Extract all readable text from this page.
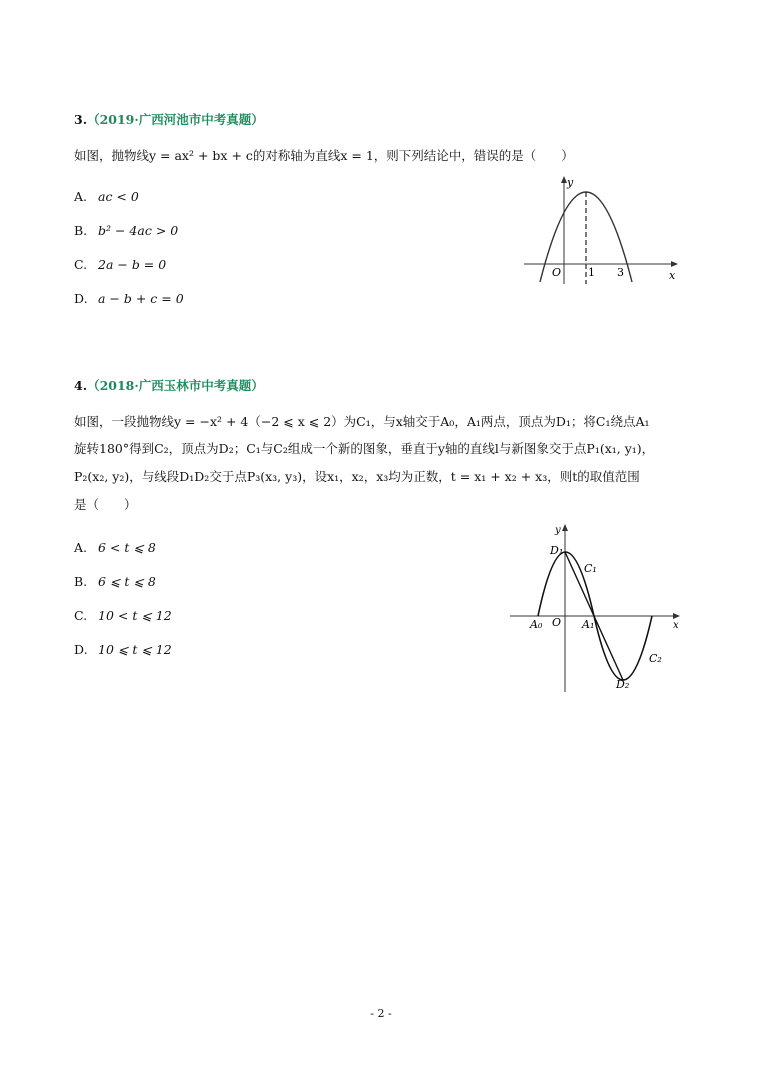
3.（2019·广西河池市中考真题）
如图，抛物线y = ax² + bx + c的对称轴为直线x = 1，则下列结论中，错误的是（　　）
A. ac < 0
B. b² − 4ac > 0
C. 2a − b = 0
D. a − b + c = 0
y
x
O 1 3
4.（2018·广西玉林市中考真题）
如图，一段抛物线y = −x² + 4（−2 ⩽ x ⩽ 2）为C₁，与x轴交于A₀，A₁两点，顶点为D₁；将C₁绕点A₁
旋转180°得到C₂，顶点为D₂；C₁与C₂组成一个新的图象，垂直于y轴的直线l与新图象交于点P₁(x₁, y₁)，
P₂(x₂, y₂)，与线段D₁D₂交于点P₃(x₃, y₃)，设x₁，x₂，x₃均为正数，t = x₁ + x₂ + x₃，则t的取值范围
是（　　）
A. 6 < t ⩽ 8
B. 6 ⩽ t ⩽ 8
C. 10 < t ⩽ 12
D. 10 ⩽ t ⩽ 12
y
x
D₁
C₁
A₀ O A₁
C₂
D₂
- 2 -
